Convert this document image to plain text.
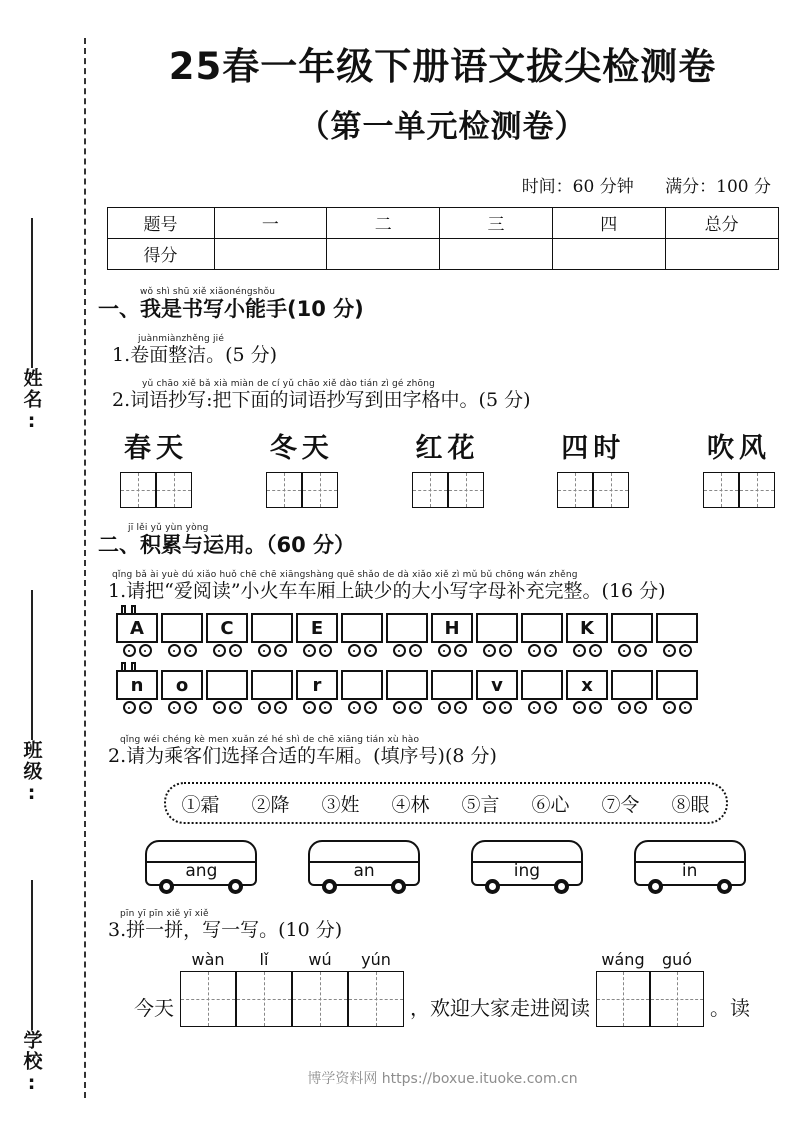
姓名:
班级:
学校:
25春一年级下册语文拔尖检测卷
（第一单元检测卷）
时间：60 分钟 满分：100 分
题号	一	二	三	四	总分
得分					
wǒ shì shū xiě xiǎonéngshǒu
一、我是书写小能手(10 分)
juànmiànzhěng jié
1.卷面整洁。(5 分)
yǔ chāo xiě bǎ xià miàn de cí yǔ chāo xiě dào tián zì gé zhōng
2.词语抄写:把下面的词语抄写到田字格中。(5 分)
春天	冬天	红花	四时	吹风
jī lěi yǔ yùn yòng
二、积累与运用。（60 分）
qǐng bǎ ài yuè dú xiǎo huǒ chē chē xiāngshàng quē shǎo de dà xiǎo xiě zì mǔ bǔ chōng wán zhěng
1.请把“爱阅读”小火车车厢上缺少的大小写字母补充完整。(16 分)
A	C	E	H	K
n	o	r	v	x
qǐng wéi chéng kè men xuǎn zé hé shì de chē xiāng tián xù hào
2.请为乘客们选择合适的车厢。(填序号)(8 分)
①霜 ②降 ③姓 ④林 ⑤言 ⑥心 ⑦令 ⑧眼
ang	an	ing	in
pīn yī pīn xiě yī xiě
3.拼一拼，写一写。(10 分)
今天
wàn	lǐ	wú	yún
，欢迎大家走进阅读
wáng	guó
。读
博学资料网 https://boxue.ituoke.com.cn
